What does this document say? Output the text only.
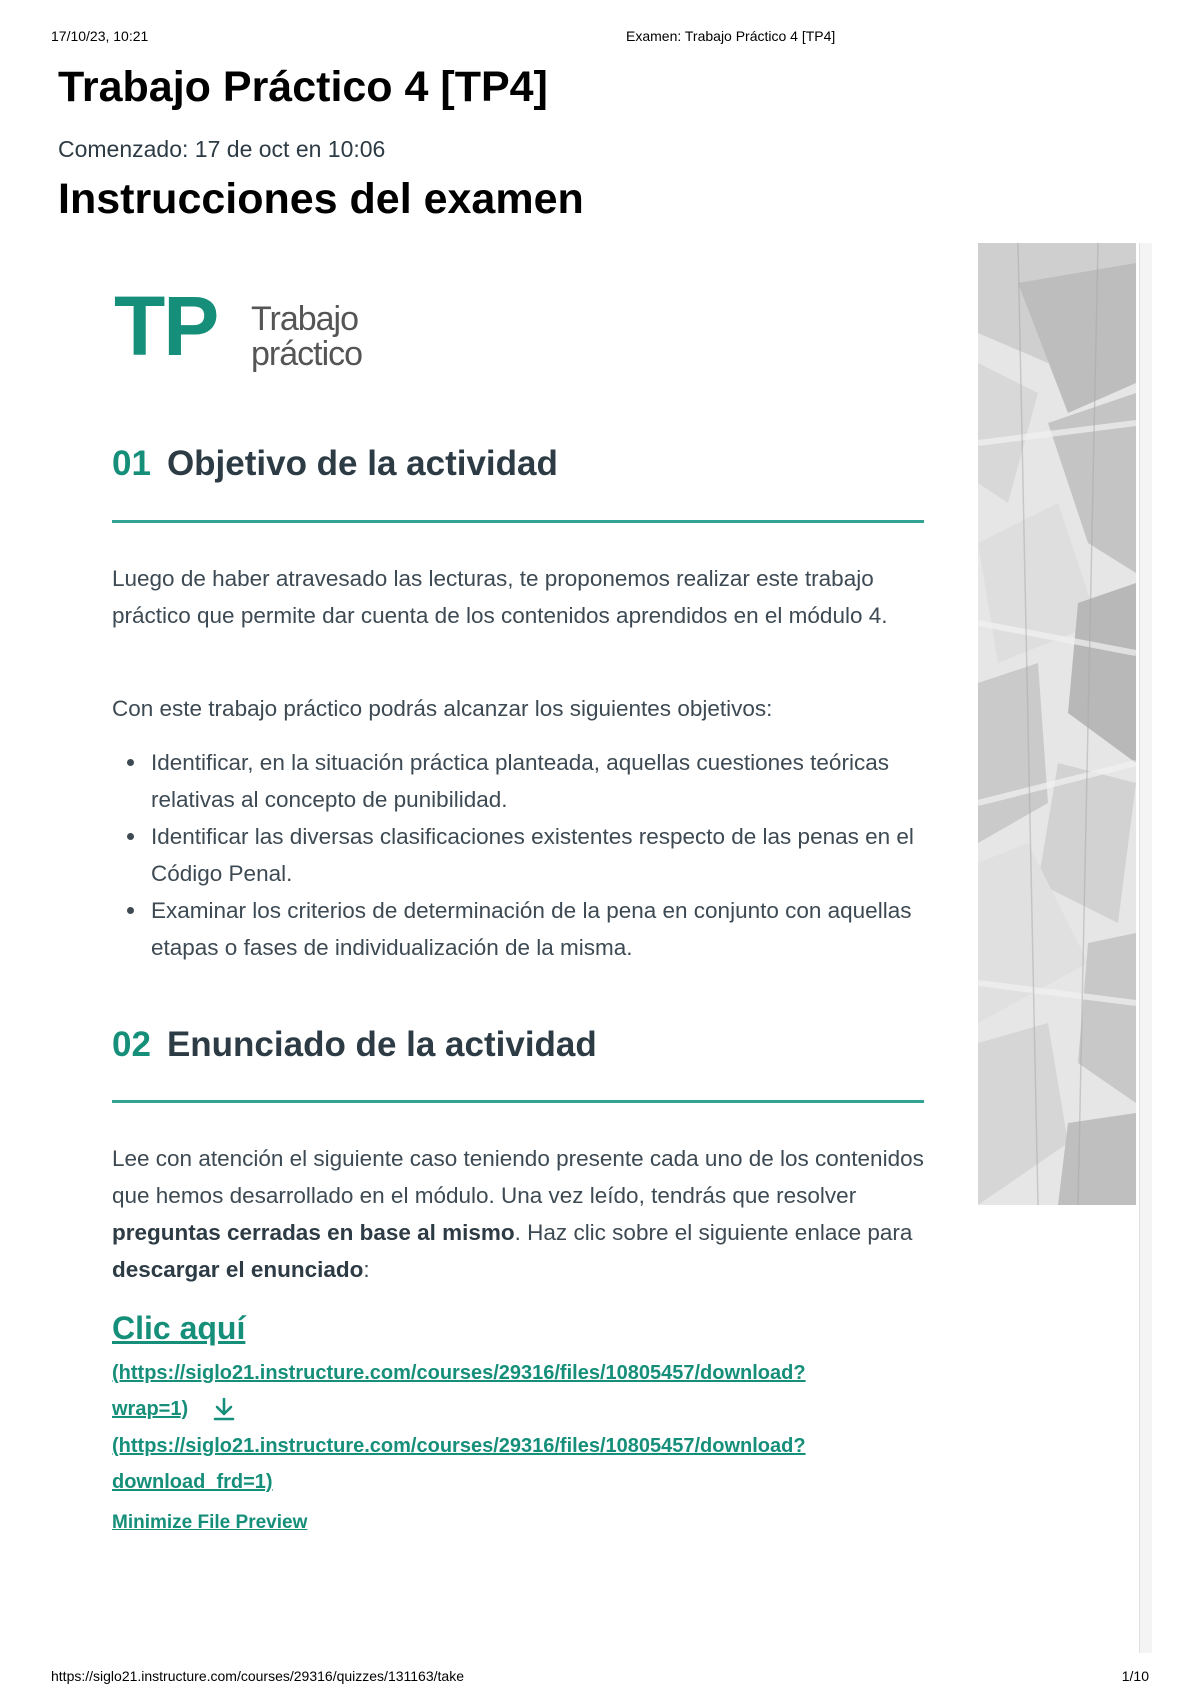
17/10/23, 10:21	Examen: Trabajo Práctico 4 [TP4]
Trabajo Práctico 4 [TP4]
Comenzado: 17 de oct en 10:06
Instrucciones del examen
TP Trabajo
práctico
01 Objetivo de la actividad

Luego de haber atravesado las lecturas, te proponemos realizar este trabajo práctico que permite dar cuenta de los contenidos aprendidos en el módulo 4.

Con este trabajo práctico podrás alcanzar los siguientes objetivos:

Identificar, en la situación práctica planteada, aquellas cuestiones teóricas relativas al concepto de punibilidad.
Identificar las diversas clasificaciones existentes respecto de las penas en el Código Penal.
Examinar los criterios de determinación de la pena en conjunto con aquellas etapas o fases de individualización de la misma.
02 Enunciado de la actividad

Lee con atención el siguiente caso teniendo presente cada uno de los contenidos que hemos desarrollado en el módulo. Una vez leído, tendrás que resolver preguntas cerradas en base al mismo. Haz clic sobre el siguiente enlace para descargar el enunciado:

Clic aquí
(https://siglo21.instructure.com/courses/29316/files/10805457/download?
wrap=1)
(https://siglo21.instructure.com/courses/29316/files/10805457/download?
download_frd=1)
Minimize File Preview
https://siglo21.instructure.com/courses/29316/quizzes/131163/take	1/10
